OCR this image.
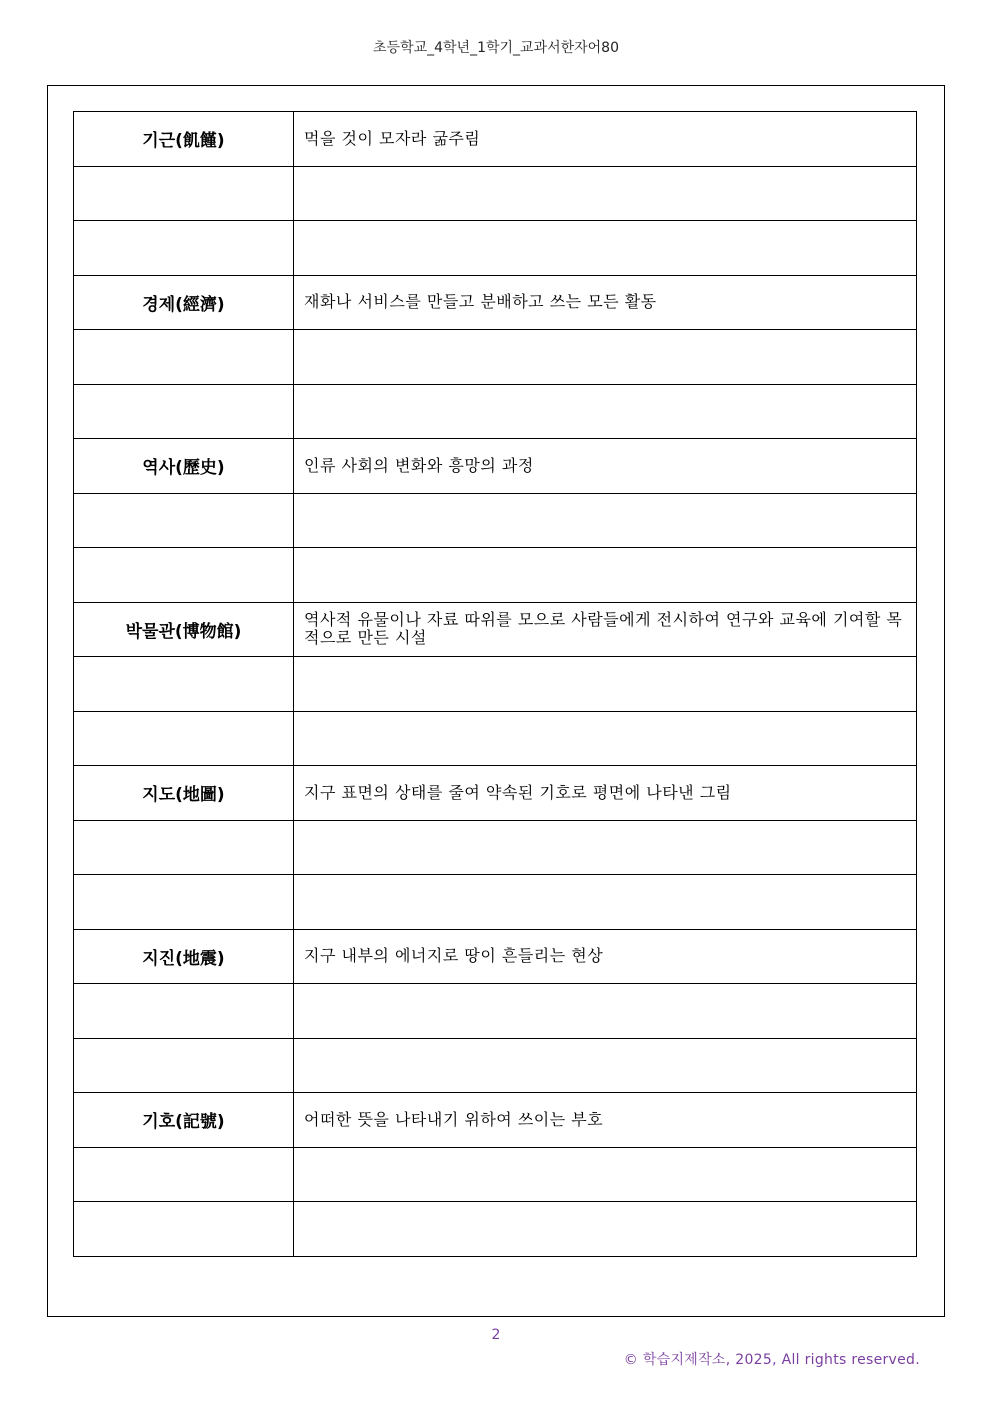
초등학교_4학년_1학기_교과서한자어80
기근(飢饉)	먹을 것이 모자라 굶주림

경제(經濟)	재화나 서비스를 만들고 분배하고 쓰는 모든 활동

역사(歷史)	인류 사회의 변화와 흥망의 과정

박물관(博物館)	역사적 유물이나 자료 따위를 모으로 사람들에게 전시하여 연구와 교육에 기여할 목적으로 만든 시설

지도(地圖)	지구 표면의 상태를 줄여 약속된 기호로 평면에 나타낸 그림

지진(地震)	지구 내부의 에너지로 땅이 흔들리는 현상

기호(記號)	어떠한 뜻을 나타내기 위하여 쓰이는 부호

2
© 학습지제작소, 2025, All rights reserved.
